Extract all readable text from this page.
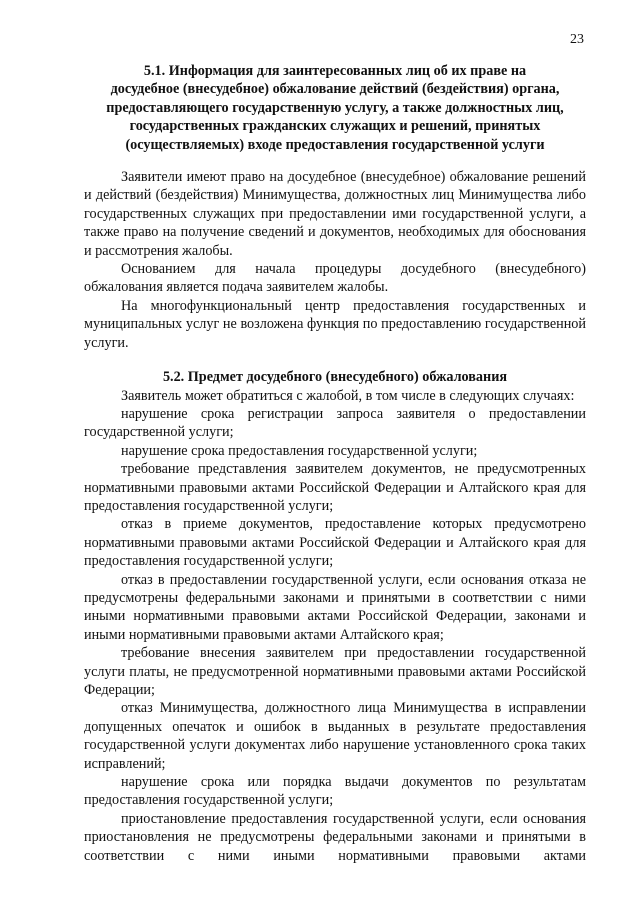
23
5.1. Информация для заинтересованных лиц об их праве на
досудебное (внесудебное) обжалование действий (бездействия) органа,
предоставляющего государственную услугу, а также должностных лиц,
государственных гражданских служащих и решений, принятых
(осуществляемых) входе предоставления государственной услуги

Заявители имеют право на досудебное (внесудебное) обжалование решений и действий (бездействия) Минимущества, должностных лиц Минимущества либо государственных служащих при предоставлении ими государственной услуги, а также право на получение сведений и документов, необходимых для обоснования и рассмотрения жалобы.

Основанием для начала процедуры досудебного (внесудебного) обжалования является подача заявителем жалобы.

На многофункциональный центр предоставления государственных и муниципальных услуг не возложена функция по предоставлению государственной услуги.

5.2. Предмет досудебного (внесудебного) обжалования

Заявитель может обратиться с жалобой, в том числе в следующих случаях:

нарушение срока регистрации запроса заявителя о предоставлении государственной услуги;

нарушение срока предоставления государственной услуги;

требование представления заявителем документов, не предусмотренных нормативными правовыми актами Российской Федерации и Алтайского края для предоставления государственной услуги;

отказ в приеме документов, предоставление которых предусмотрено нормативными правовыми актами Российской Федерации и Алтайского края для предоставления государственной услуги;

отказ в предоставлении государственной услуги, если основания отказа не предусмотрены федеральными законами и принятыми в соответствии с ними иными нормативными правовыми актами Российской Федерации, законами и иными нормативными правовыми актами Алтайского края;

требование внесения заявителем при предоставлении государственной услуги платы, не предусмотренной нормативными правовыми актами Российской Федерации;

отказ Минимущества, должностного лица Минимущества в исправлении допущенных опечаток и ошибок в выданных в результате предоставления государственной услуги документах либо нарушение установленного срока таких исправлений;

нарушение срока или порядка выдачи документов по результатам предоставления государственной услуги;

приостановление предоставления государственной услуги, если основания приостановления не предусмотрены федеральными законами и принятыми в соответствии с ними иными нормативными правовыми актами
